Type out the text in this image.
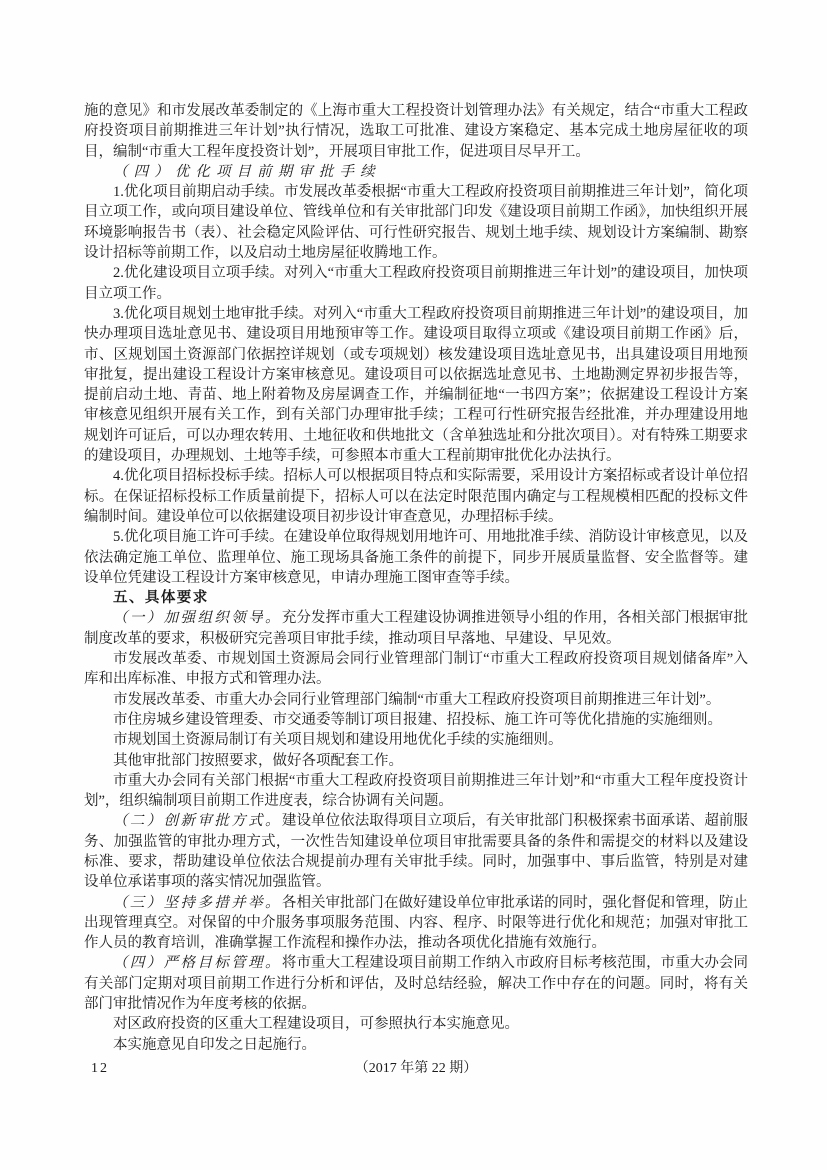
施的意见》和市发展改革委制定的《上海市重大工程投资计划管理办法》有关规定，结合“市重大工程政府投资项目前期推进三年计划”执行情况，选取工可批准、建设方案稳定、基本完成土地房屋征收的项目，编制“市重大工程年度投资计划”，开展项目审批工作，促进项目尽早开工。

（四）优化项目前期审批手续

1.优化项目前期启动手续。市发展改革委根据“市重大工程政府投资项目前期推进三年计划”，简化项目立项工作，或向项目建设单位、管线单位和有关审批部门印发《建设项目前期工作函》，加快组织开展环境影响报告书（表）、社会稳定风险评估、可行性研究报告、规划土地手续、规划设计方案编制、勘察设计招标等前期工作，以及启动土地房屋征收腾地工作。

2.优化建设项目立项手续。对列入“市重大工程政府投资项目前期推进三年计划”的建设项目，加快项目立项工作。

3.优化项目规划土地审批手续。对列入“市重大工程政府投资项目前期推进三年计划”的建设项目，加快办理项目选址意见书、建设项目用地预审等工作。建设项目取得立项或《建设项目前期工作函》后，市、区规划国土资源部门依据控详规划（或专项规划）核发建设项目选址意见书，出具建设项目用地预审批复，提出建设工程设计方案审核意见。建设项目可以依据选址意见书、土地勘测定界初步报告等，提前启动土地、青苗、地上附着物及房屋调查工作，并编制征地“一书四方案”；依据建设工程设计方案审核意见组织开展有关工作，到有关部门办理审批手续；工程可行性研究报告经批准，并办理建设用地规划许可证后，可以办理农转用、土地征收和供地批文（含单独选址和分批次项目）。对有特殊工期要求的建设项目，办理规划、土地等手续，可参照本市重大工程前期审批优化办法执行。

4.优化项目招标投标手续。招标人可以根据项目特点和实际需要，采用设计方案招标或者设计单位招标。在保证招标投标工作质量前提下，招标人可以在法定时限范围内确定与工程规模相匹配的投标文件编制时间。建设单位可以依据建设项目初步设计审查意见，办理招标手续。

5.优化项目施工许可手续。在建设单位取得规划用地许可、用地批准手续、消防设计审核意见，以及依法确定施工单位、监理单位、施工现场具备施工条件的前提下，同步开展质量监督、安全监督等。建设单位凭建设工程设计方案审核意见，申请办理施工图审查等手续。

五、具体要求

（一）加强组织领导。充分发挥市重大工程建设协调推进领导小组的作用，各相关部门根据审批制度改革的要求，积极研究完善项目审批手续，推动项目早落地、早建设、早见效。

市发展改革委、市规划国土资源局会同行业管理部门制订“市重大工程政府投资项目规划储备库”入库和出库标准、申报方式和管理办法。

市发展改革委、市重大办会同行业管理部门编制“市重大工程政府投资项目前期推进三年计划”。

市住房城乡建设管理委、市交通委等制订项目报建、招投标、施工许可等优化措施的实施细则。

市规划国土资源局制订有关项目规划和建设用地优化手续的实施细则。

其他审批部门按照要求，做好各项配套工作。

市重大办会同有关部门根据“市重大工程政府投资项目前期推进三年计划”和“市重大工程年度投资计划”，组织编制项目前期工作进度表，综合协调有关问题。

（二）创新审批方式。建设单位依法取得项目立项后，有关审批部门积极探索书面承诺、超前服务、加强监管的审批办理方式，一次性告知建设单位项目审批需要具备的条件和需提交的材料以及建设标准、要求，帮助建设单位依法合规提前办理有关审批手续。同时，加强事中、事后监管，特别是对建设单位承诺事项的落实情况加强监管。

（三）坚持多措并举。各相关审批部门在做好建设单位审批承诺的同时，强化督促和管理，防止出现管理真空。对保留的中介服务事项服务范围、内容、程序、时限等进行优化和规范；加强对审批工作人员的教育培训，准确掌握工作流程和操作办法，推动各项优化措施有效施行。

（四）严格目标管理。将市重大工程建设项目前期工作纳入市政府目标考核范围，市重大办会同有关部门定期对项目前期工作进行分析和评估，及时总结经验，解决工作中存在的问题。同时，将有关部门审批情况作为年度考核的依据。

对区政府投资的区重大工程建设项目，可参照执行本实施意见。

本实施意见自印发之日起施行。

12	（2017 年第 22 期）
